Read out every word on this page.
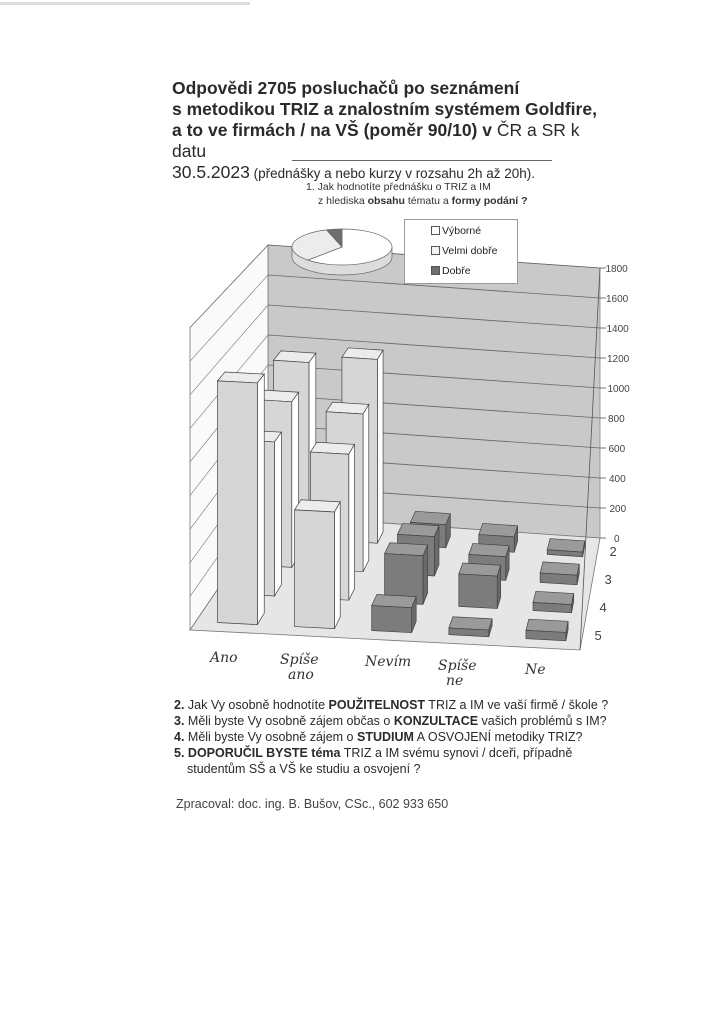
Odpovědi 2705 posluchačů po seznámení
s metodikou TRIZ a znalostním systémem Goldfire,
a to ve firmách / na VŠ (poměr 90/10) v ČR a SR k datu
30.5.2023 (přednášky a nebo kurzy v rozsahu 2h až 20h).
0
200
400
600
800
1000
1200
1400
1600
1800
2
3
4
5
Ano	Spíše ano
Nevím Spíše ne
Ne
1. Jak hodnotíte přednášku o TRIZ a IM
z hlediska obsahu tématu a formy podání ?
Výborné
Velmi dobře
Dobře
2. Jak Vy osobně hodnotíte POUŽITELNOST TRIZ a IM ve vaší firmě / škole ?
3. Měli byste Vy osobně zájem občas o KONZULTACE vašich problémů s IM?
4. Měli byste Vy osobně zájem o STUDIUM A OSVOJENÍ metodiky TRIZ?
5. DOPORUČIL BYSTE téma TRIZ a IM svému synovi / dceři, případně
studentům SŠ a VŠ ke studiu a osvojení ?
Zpracoval: doc. ing. B. Bušov, CSc., 602 933 650
